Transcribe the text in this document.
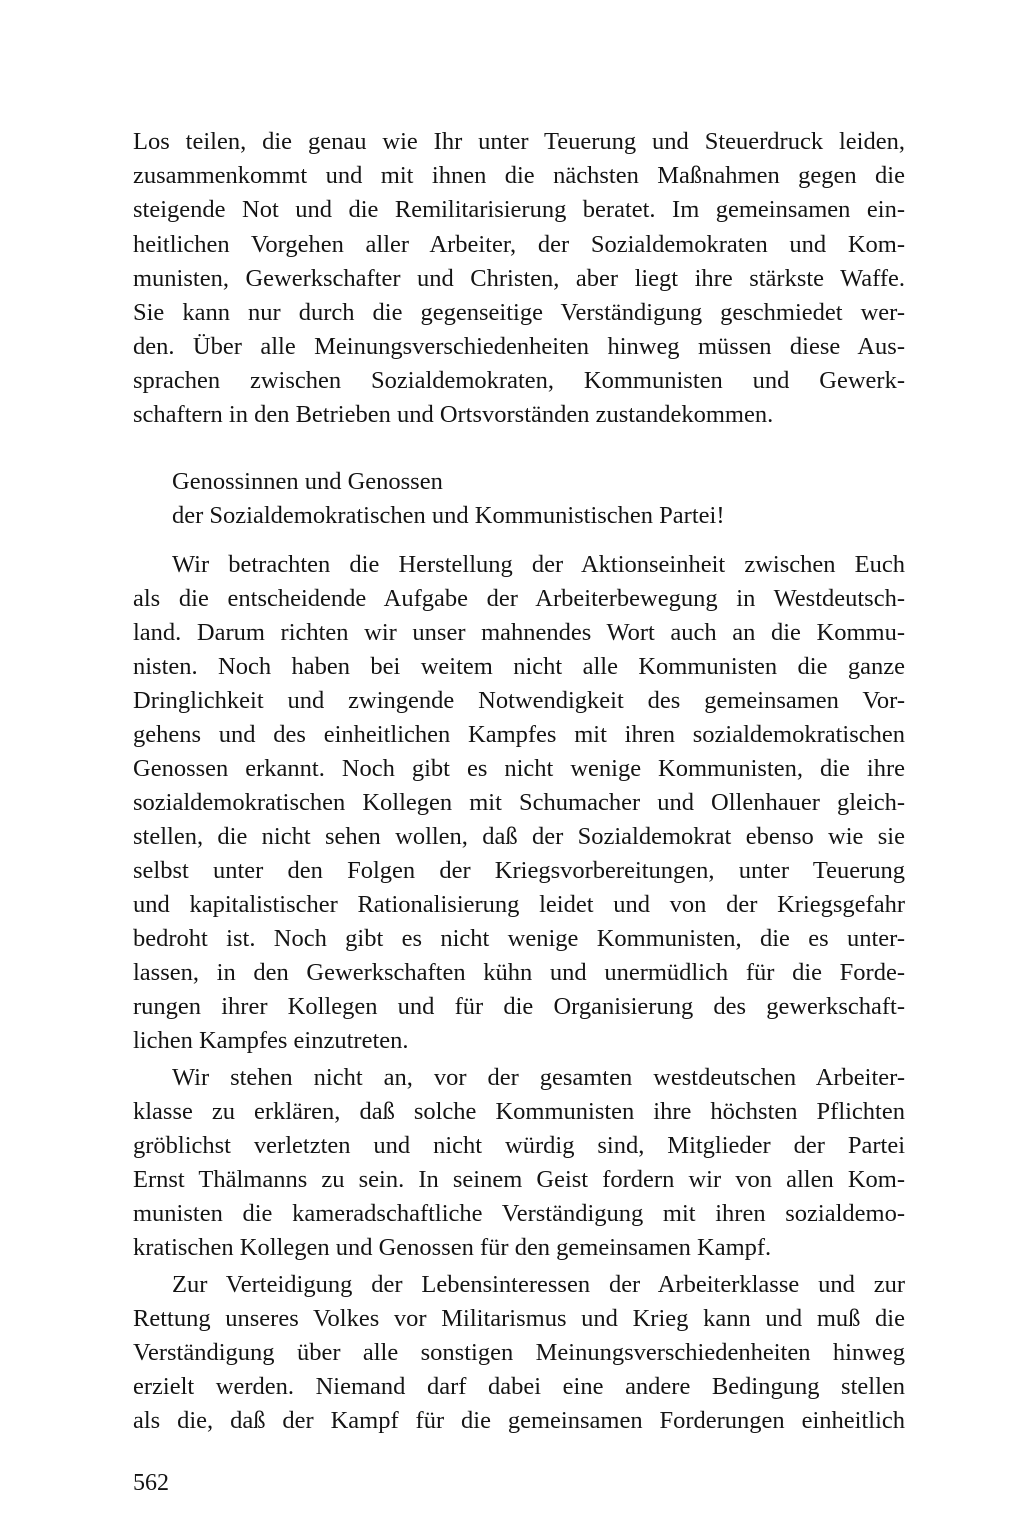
Los teilen, die genau wie Ihr unter Teuerung und Steuerdruck leiden,
zusammenkommt und mit ihnen die nächsten Maßnahmen gegen die
steigende Not und die Remilitarisierung beratet. Im gemeinsamen ein-
heitlichen Vorgehen aller Arbeiter, der Sozialdemokraten und Kom-
munisten, Gewerkschafter und Christen, aber liegt ihre stärkste Waffe.
Sie kann nur durch die gegenseitige Verständigung geschmiedet wer-
den. Über alle Meinungsverschiedenheiten hinweg müssen diese Aus-
sprachen zwischen Sozialdemokraten, Kommunisten und Gewerk-
schaftern in den Betrieben und Ortsvorständen zustandekommen.
Genossinnen und Genossen
der Sozialdemokratischen und Kommunistischen Partei!
Wir betrachten die Herstellung der Aktionseinheit zwischen Euch
als die entscheidende Aufgabe der Arbeiterbewegung in Westdeutsch-
land. Darum richten wir unser mahnendes Wort auch an die Kommu-
nisten. Noch haben bei weitem nicht alle Kommunisten die ganze
Dringlichkeit und zwingende Notwendigkeit des gemeinsamen Vor-
gehens und des einheitlichen Kampfes mit ihren sozialdemokratischen
Genossen erkannt. Noch gibt es nicht wenige Kommunisten, die ihre
sozialdemokratischen Kollegen mit Schumacher und Ollenhauer gleich-
stellen, die nicht sehen wollen, daß der Sozialdemokrat ebenso wie sie
selbst unter den Folgen der Kriegsvorbereitungen, unter Teuerung
und kapitalistischer Rationalisierung leidet und von der Kriegsgefahr
bedroht ist. Noch gibt es nicht wenige Kommunisten, die es unter-
lassen, in den Gewerkschaften kühn und unermüdlich für die Forde-
rungen ihrer Kollegen und für die Organisierung des gewerkschaft-
lichen Kampfes einzutreten.
Wir stehen nicht an, vor der gesamten westdeutschen Arbeiter-
klasse zu erklären, daß solche Kommunisten ihre höchsten Pflichten
gröblichst verletzten und nicht würdig sind, Mitglieder der Partei
Ernst Thälmanns zu sein. In seinem Geist fordern wir von allen Kom-
munisten die kameradschaftliche Verständigung mit ihren sozialdemo-
kratischen Kollegen und Genossen für den gemeinsamen Kampf.
Zur Verteidigung der Lebensinteressen der Arbeiterklasse und zur
Rettung unseres Volkes vor Militarismus und Krieg kann und muß die
Verständigung über alle sonstigen Meinungsverschiedenheiten hinweg
erzielt werden. Niemand darf dabei eine andere Bedingung stellen
als die, daß der Kampf für die gemeinsamen Forderungen einheitlich
562
